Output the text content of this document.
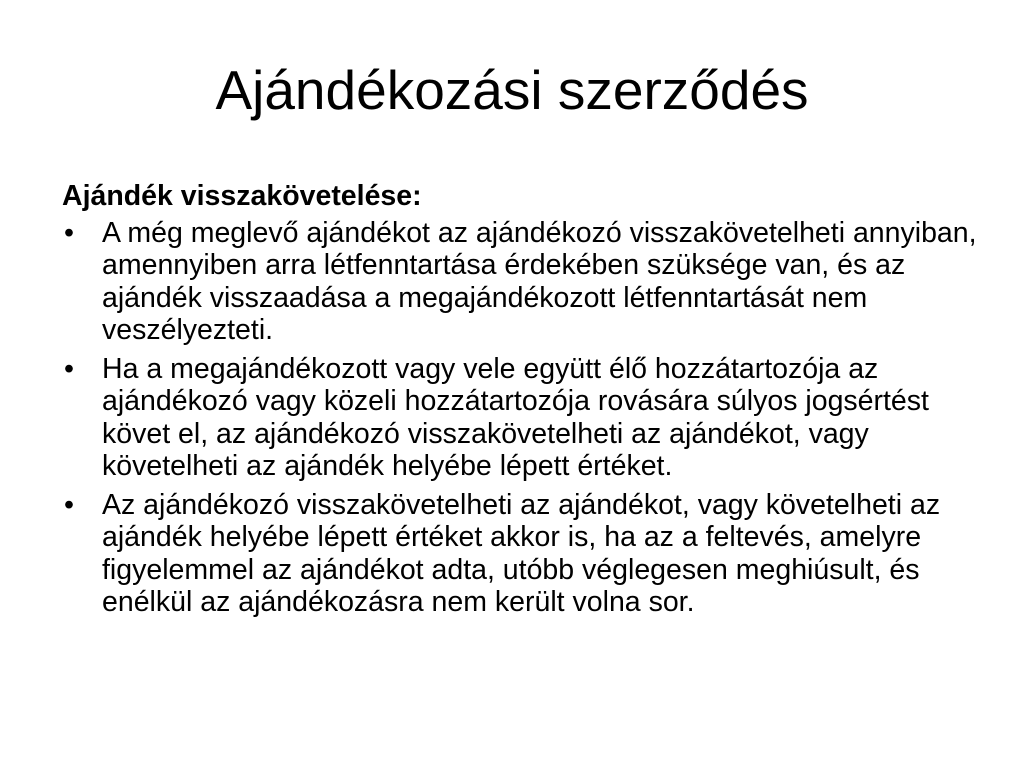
Ajándékozási szerződés

Ajándék visszakövetelése:

• A még meglevő ajándékot az ajándékozó visszakövetelheti annyiban, amennyiben arra létfenntartása érdekében szüksége van, és az ajándék visszaadása a megajándékozott létfenntartását nem veszélyezteti.
• Ha a megajándékozott vagy vele együtt élő hozzátartozója az ajándékozó vagy közeli hozzátartozója rovására súlyos jogsértést követ el, az ajándékozó visszakövetelheti az ajándékot, vagy követelheti az ajándék helyébe lépett értéket.
• Az ajándékozó visszakövetelheti az ajándékot, vagy követelheti az ajándék helyébe lépett értéket akkor is, ha az a feltevés, amelyre figyelemmel az ajándékot adta, utóbb véglegesen meghiúsult, és enélkül az ajándékozásra nem került volna sor.
